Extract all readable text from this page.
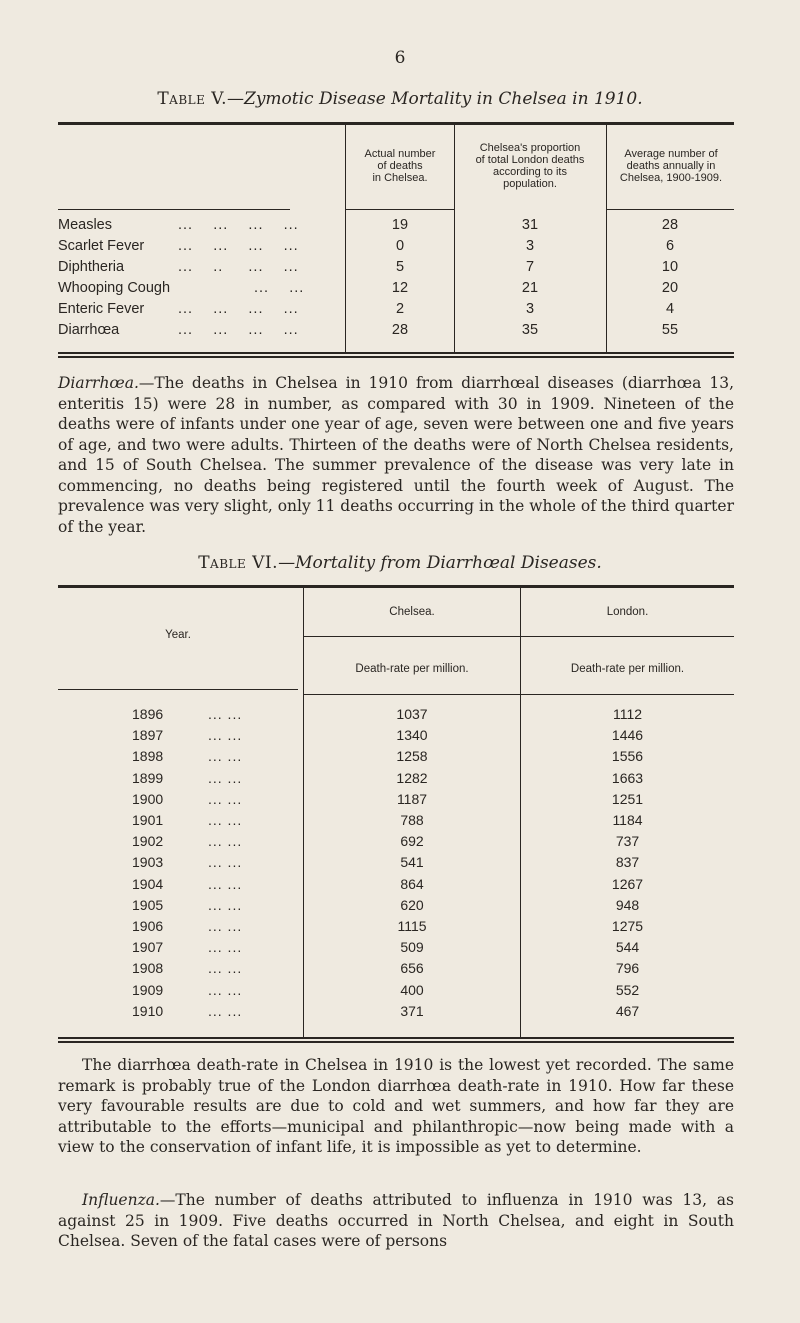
6
Table V.—Zymotic Disease Mortality in Chelsea in 1910.
Actual number
of deaths
in Chelsea.
Chelsea's proportion
of total London deaths
according to its
population.
Average number of
deaths annually in
Chelsea, 1900-1909.
Measles	...    ...    ...    ...	19	31	28
Scarlet Fever ...    ...    ...    ...	0	3	6
Diphtheria	...    ..     ...    ...	5	7	10
Whooping Cough	...    ...	12	21	20
Enteric Fever ...    ...    ...    ...	2	3	4
Diarrhœa	...    ...    ...    ...	28	35	55
Diarrhœa.—The deaths in Chelsea in 1910 from diarrhœal diseases (diarrhœa 13, enteritis 15) were 28 in number, as compared with 30 in 1909. Nineteen of the deaths were of infants under one year of age, seven were between one and five years of age, and two were adults. Thirteen of the deaths were of North Chelsea residents, and 15 of South Chelsea. The summer prevalence of the disease was very late in commencing, no deaths being registered until the fourth week of August. The prevalence was very slight, only 11 deaths occurring in the whole of the third quarter of the year.
Table VI.—Mortality from Diarrhœal Diseases.
Year.
Chelsea.	London.
Death-rate per million.	Death-rate per million.
1896	... ...	1037	1112
1897	... ...	1340	1446
1898	... ...	1258	1556
1899	... ...	1282	1663
1900	... ...	1187	1251
1901	... ...	788	1184
1902	... ...	692	737
1903	... ...	541	837
1904	... ...	864	1267
1905	... ...	620	948
1906	... ...	1115	1275
1907	... ...	509	544
1908	... ...	656	796
1909	... ...	400	552
1910	... ...	371	467
The diarrhœa death-rate in Chelsea in 1910 is the lowest yet recorded. The same remark is probably true of the London diarrhœa death-rate in 1910. How far these very favourable results are due to cold and wet summers, and how far they are attributable to the efforts—municipal and philanthropic—now being made with a view to the conservation of infant life, it is impossible as yet to determine.
Influenza.—The number of deaths attributed to influenza in 1910 was 13, as against 25 in 1909. Five deaths occurred in North Chelsea, and eight in South Chelsea. Seven of the fatal cases were of persons
